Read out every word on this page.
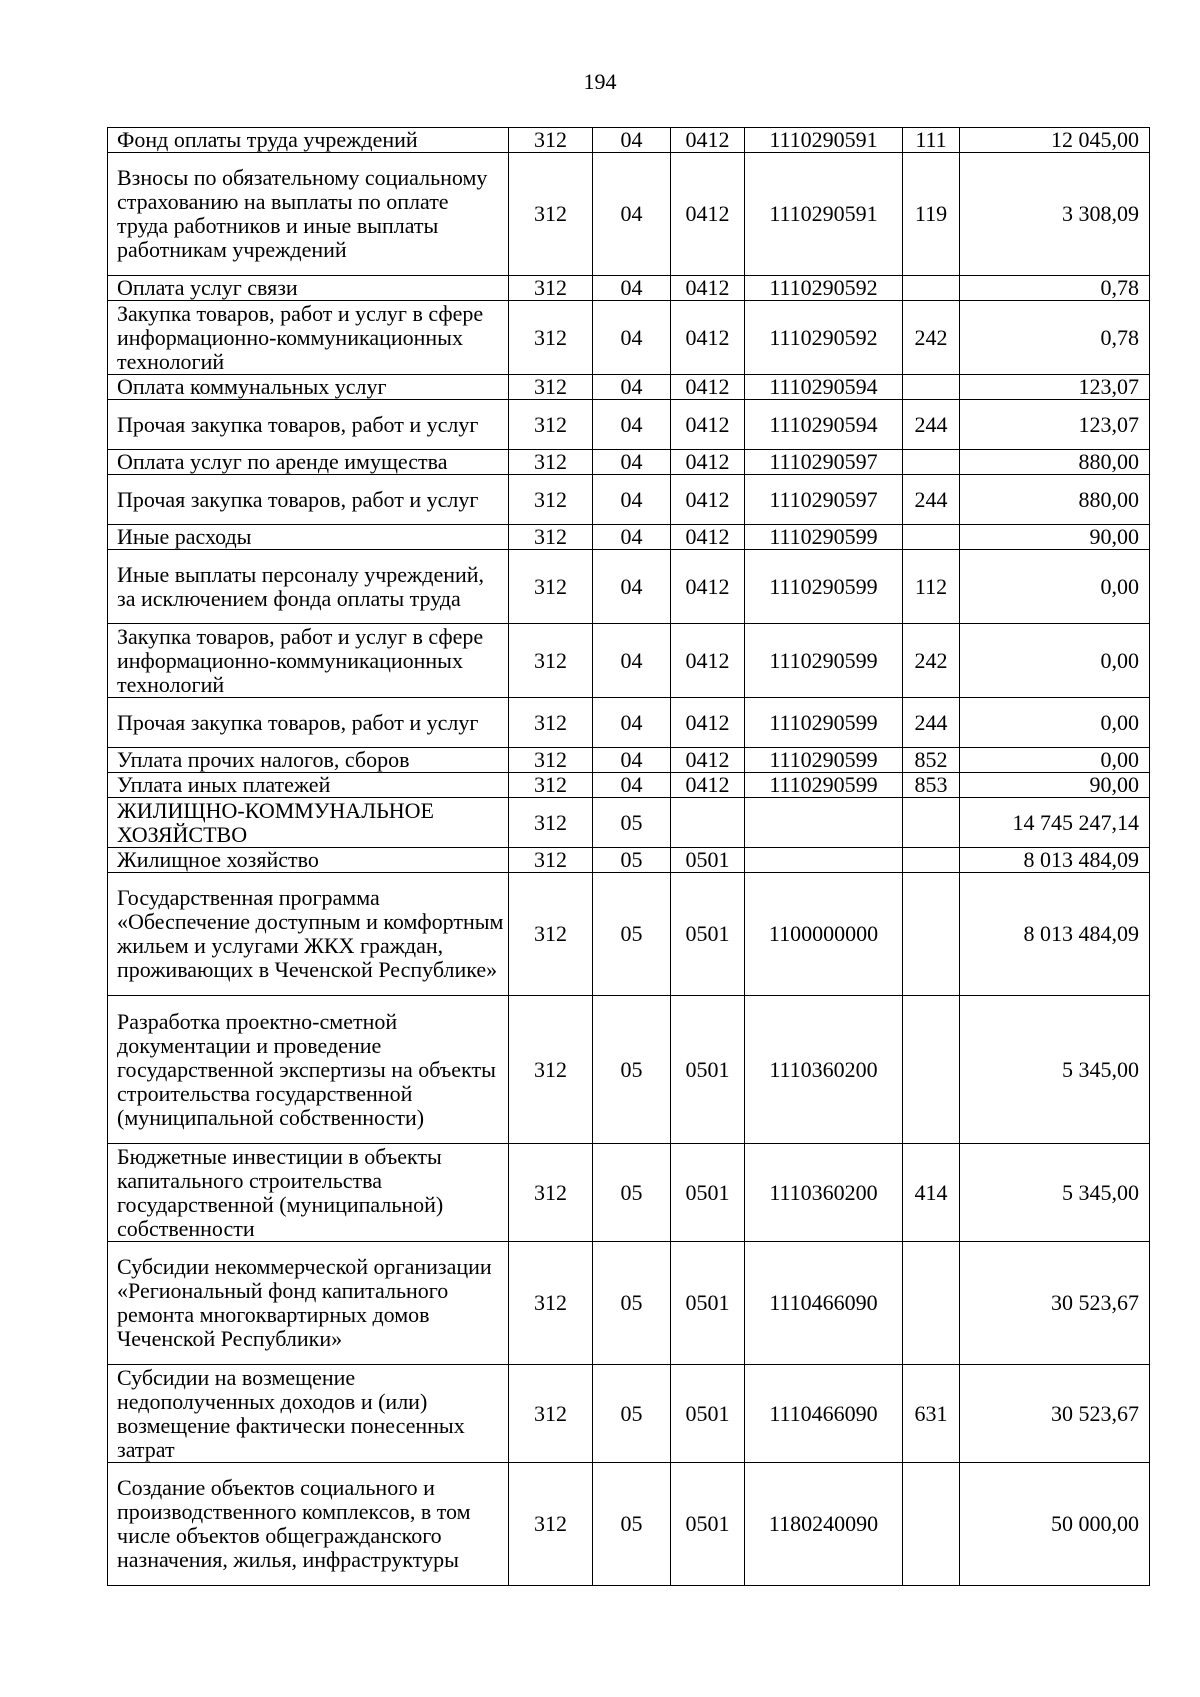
194
Фонд оплаты труда учреждений	312	04	0412	1110290591	111	12 045,00
Взносы по обязательному социальному страхованию на выплаты по оплате труда работников и иные выплаты работникам учреждений	312	04	0412	1110290591	119	3 308,09
Оплата услуг связи	312	04	0412	1110290592		0,78
Закупка товаров, работ и услуг в сфере информационно-коммуникационных технологий	312	04	0412	1110290592	242	0,78
Оплата коммунальных услуг	312	04	0412	1110290594		123,07
Прочая закупка товаров, работ и услуг	312	04	0412	1110290594	244	123,07
Оплата услуг по аренде имущества	312	04	0412	1110290597		880,00
Прочая закупка товаров, работ и услуг	312	04	0412	1110290597	244	880,00
Иные расходы	312	04	0412	1110290599		90,00
Иные выплаты персоналу учреждений, за исключением фонда оплаты труда	312	04	0412	1110290599	112	0,00
Закупка товаров, работ и услуг в сфере информационно-коммуникационных технологий	312	04	0412	1110290599	242	0,00
Прочая закупка товаров, работ и услуг	312	04	0412	1110290599	244	0,00
Уплата прочих налогов, сборов	312	04	0412	1110290599	852	0,00
Уплата иных платежей	312	04	0412	1110290599	853	90,00
ЖИЛИЩНО-КОММУНАЛЬНОЕ ХОЗЯЙСТВО	312	05				14 745 247,14
Жилищное хозяйство	312	05	0501			8 013 484,09
Государственная программа «Обеспечение доступным и комфортным жильем и услугами ЖКХ граждан, проживающих в Чеченской Республике»	312	05	0501	1100000000		8 013 484,09
Разработка проектно-сметной документации и проведение государственной экспертизы на объекты строительства государственной (муниципальной собственности)	312	05	0501	1110360200		5 345,00
Бюджетные инвестиции в объекты капитального строительства государственной (муниципальной) собственности	312	05	0501	1110360200	414	5 345,00
Субсидии некоммерческой организации «Региональный фонд капитального ремонта многоквартирных домов Чеченской Республики»	312	05	0501	1110466090		30 523,67
Субсидии на возмещение недополученных доходов и (или) возмещение фактически понесенных затрат	312	05	0501	1110466090	631	30 523,67
Создание объектов социального и производственного комплексов, в том числе объектов общегражданского назначения, жилья, инфраструктуры	312	05	0501	1180240090		50 000,00
